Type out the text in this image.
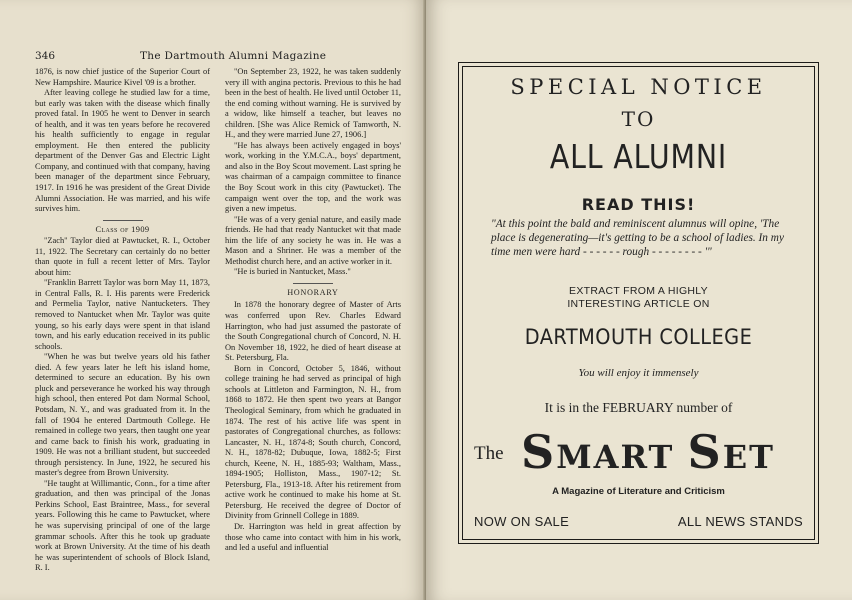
346	The Dartmouth Alumni Magazine

1876, is now chief justice of the Superior Court of New Hampshire. Maurice Kivel '09 is a brother.

After leaving college he studied law for a time, but early was taken with the disease which finally proved fatal. In 1905 he went to Denver in search of health, and it was ten years before he recovered his health sufficiently to engage in regular employment. He then entered the publicity department of the Denver Gas and Electric Light Company, and continued with that company, having been manager of the department since February, 1917. In 1916 he was president of the Great Divide Alumni Association. He was married, and his wife survives him.

Class of 1909

"Zach" Taylor died at Pawtucket, R. I., October 11, 1922. The Secretary can certainly do no better than quote in full a recent letter of Mrs. Taylor about him:

"Franklin Barrett Taylor was born May 11, 1873, in Central Falls, R. I. His parents were Frederick and Permelia Taylor, native Nantucketers. They removed to Nantucket when Mr. Taylor was quite young, so his early days were spent in that island town, and his early education received in its public schools.

"When he was but twelve years old his father died. A few years later he left his island home, determined to secure an education. By his own pluck and perseverance he worked his way through high school, then entered Pot dam Normal School, Potsdam, N. Y., and was graduated from it. In the fall of 1904 he entered Dartmouth College. He remained in college two years, then taught one year and came back to finish his work, graduating in 1909. He was not a brilliant student, but succeeded through persistency. In June, 1922, he secured his master's degree from Brown University.

"He taught at Willimantic, Conn., for a time after graduation, and then was principal of the Jonas Perkins School, East Braintree, Mass., for several years. Following this he came to Pawtucket, where he was supervising principal of one of the large grammar schools. After this he took up graduate work at Brown University. At the time of his death he was superintendent of schools of Block Island, R. I.

"On September 23, 1922, he was taken suddenly very ill with angina pectoris. Previous to this he had been in the best of health. He lived until October 11, the end coming without warning. He is survived by a widow, like himself a teacher, but leaves no children. [She was Alice Remick of Tamworth, N. H., and they were married June 27, 1906.]

"He has always been actively engaged in boys' work, working in the Y.M.C.A., boys' department, and also in the Boy Scout movement. Last spring he was chairman of a campaign committee to finance the Boy Scout work in this city (Pawtucket). The campaign went over the top, and the work was given a new impetus.

"He was of a very genial nature, and easily made friends. He had that ready Nantucket wit that made him the life of any society he was in. He was a Mason and a Shriner. He was a member of the Methodist church here, and an active worker in it.

"He is buried in Nantucket, Mass."

HONORARY

In 1878 the honorary degree of Master of Arts was conferred upon Rev. Charles Edward Harrington, who had just assumed the pastorate of the South Congregational church of Concord, N. H. On November 18, 1922, he died of heart disease at St. Petersburg, Fla.

Born in Concord, October 5, 1846, without college training he had served as principal of high schools at Littleton and Farmington, N. H., from 1868 to 1872. He then spent two years at Bangor Theological Seminary, from which he graduated in 1874. The rest of his active life was spent in pastorates of Congregational churches, as follows: Lancaster, N. H., 1874-8; South church, Concord, N. H., 1878-82; Dubuque, Iowa, 1882-5; First church, Keene, N. H., 1885-93; Waltham, Mass., 1894-1905; Holliston, Mass., 1907-12; St. Petersburg, Fla., 1913-18. After his retirement from active work he continued to make his home at St. Petersburg. He received the degree of Doctor of Divinity from Grinnell College in 1889.

Dr. Harrington was held in great affection by those who came into contact with him in his work, and led a useful and influential

SPECIAL NOTICE
TO
ALL ALUMNI
READ THIS!
"At this point the bald and reminiscent alumnus will opine, 'The place is degenerating—it's getting to be a school of ladies. In my time men were hard - - - - - - rough - - - - - - - - '"
EXTRACT FROM A HIGHLY
INTERESTING ARTICLE ON
DARTMOUTH COLLEGE
You will enjoy it immensely
It is in the FEBRUARY number of
The SMART SET
A Magazine of Literature and Criticism
NOW ON SALE	ALL NEWS STANDS
